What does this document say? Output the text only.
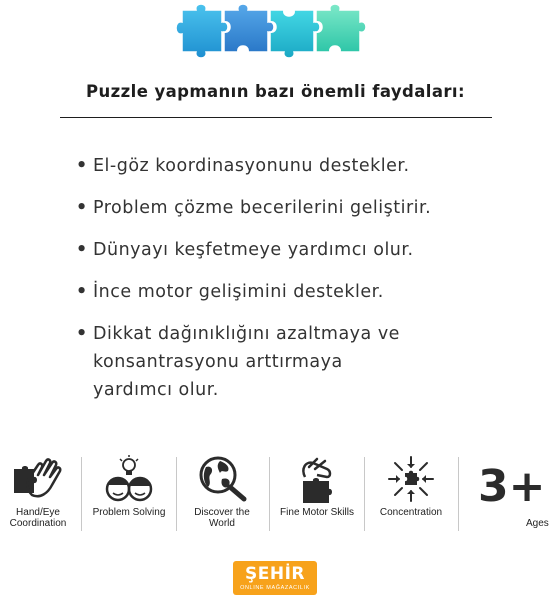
Puzzle yapmanın bazı önemli faydaları:
• El-göz koordinasyonunu destekler.
• Problem çözme becerilerini geliştirir.
• Dünyayı keşfetmeye yardımcı olur.
• İnce motor gelişimini destekler.
• Dikkat dağınıklığını azaltmaya ve konsantrasyonu arttırmaya yardımcı olur.
Hand/Eye Coordination
Problem Solving	Discover the World
Fine Motor Skills	Concentration
3+
Ages
ŞEHİR
ONLINE MAĞAZACILIK
